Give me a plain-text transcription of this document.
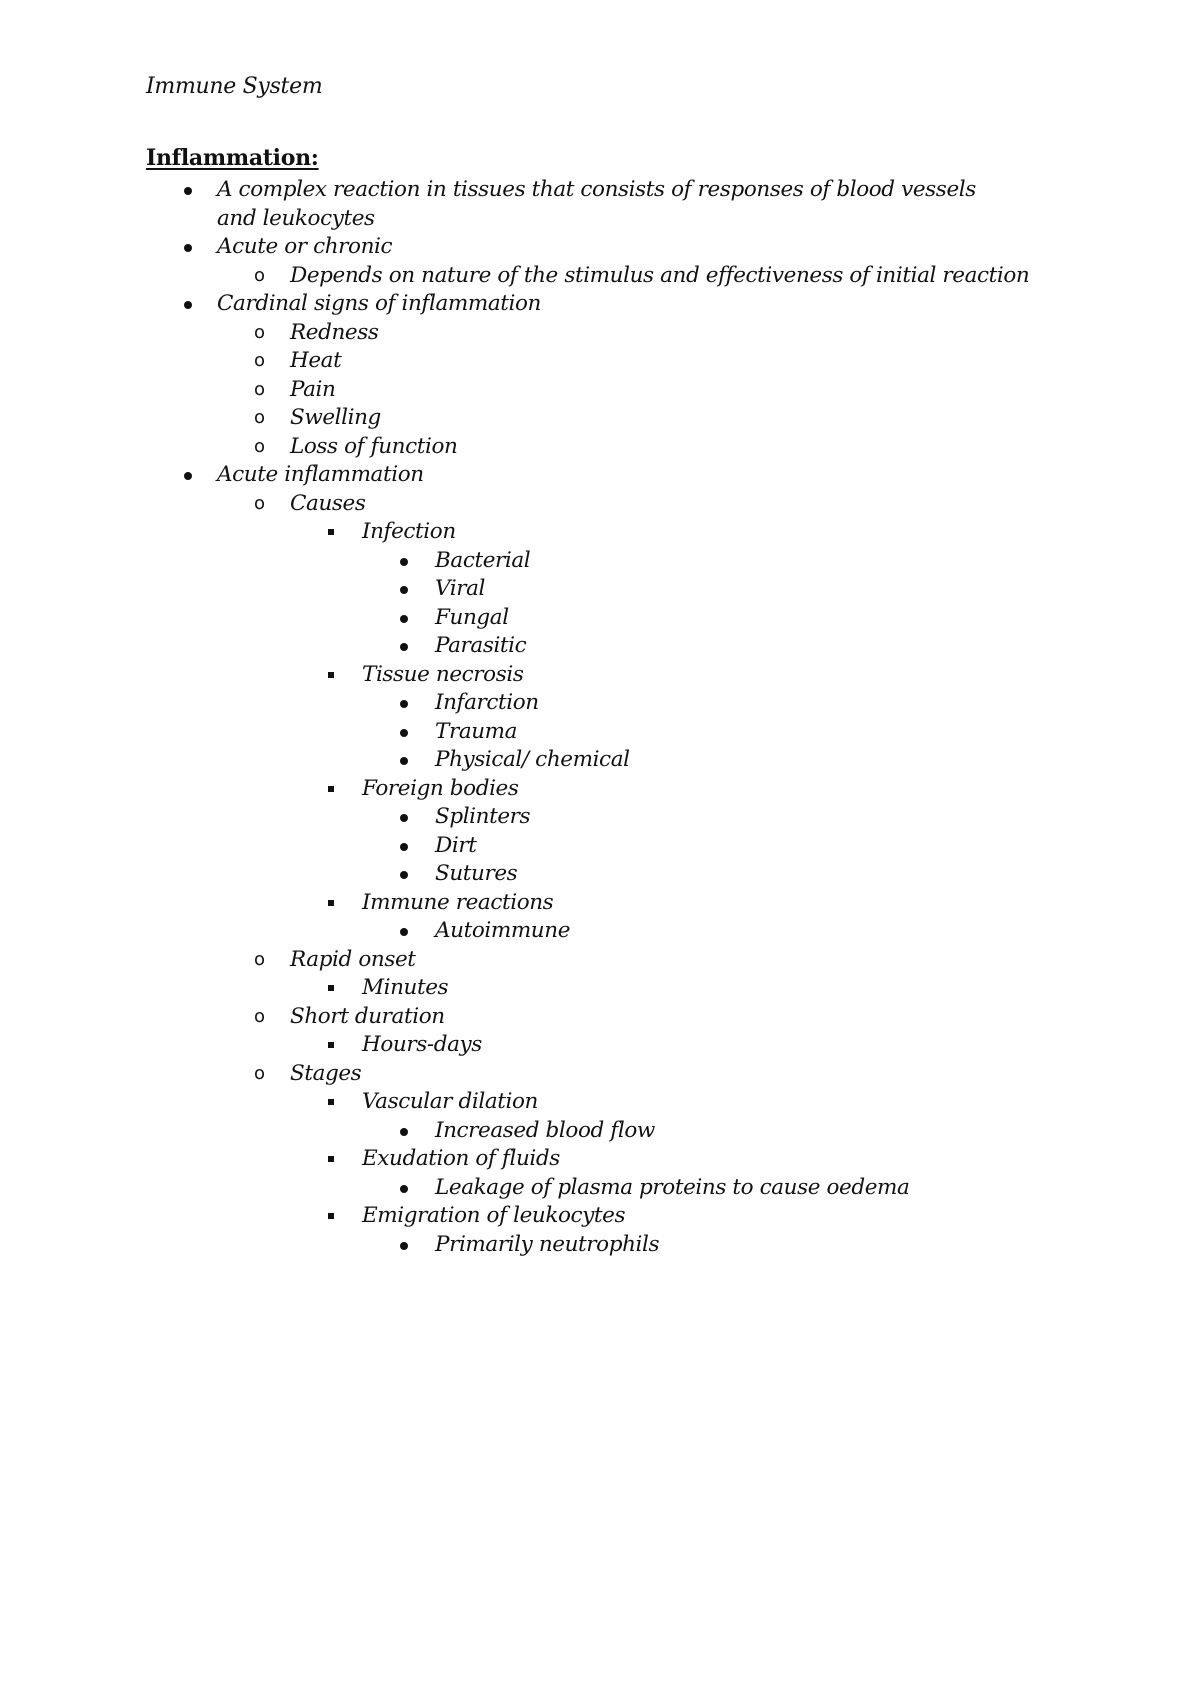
Immune System
Inflammation:
A complex reaction in tissues that consists of responses of blood vessels and leukocytes
Acute or chronic
o Depends on nature of the stimulus and effectiveness of initial reaction
Cardinal signs of inflammation
o Redness
o Heat
o Pain
o Swelling
o Loss of function
Acute inflammation
o Causes
Infection
Bacterial
Viral
Fungal
Parasitic
Tissue necrosis
Infarction
Trauma
Physical/ chemical
Foreign bodies
Splinters
Dirt
Sutures
Immune reactions
Autoimmune
o Rapid onset
Minutes
o Short duration
Hours-days
o Stages
Vascular dilation
Increased blood flow
Exudation of fluids
Leakage of plasma proteins to cause oedema
Emigration of leukocytes
Primarily neutrophils
